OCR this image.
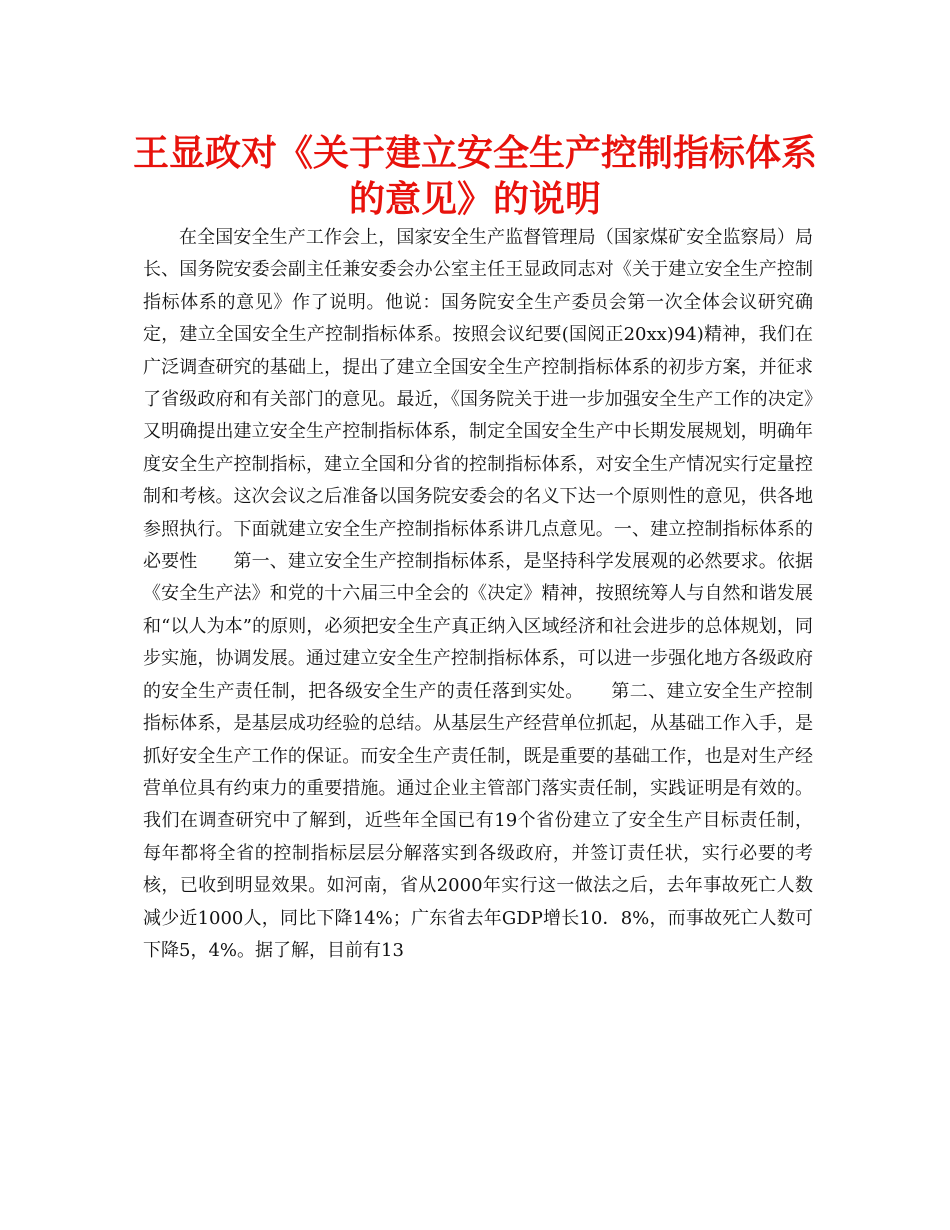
王显政对《关于建立安全生产控制指标体系
的意见》的说明

在全国安全生产工作会上，国家安全生产监督管理局（国家煤矿安全监察局）局长、国务院安委会副主任兼安委会办公室主任王显政同志对《关于建立安全生产控制指标体系的意见》作了说明。他说：国务院安全生产委员会第一次全体会议研究确定，建立全国安全生产控制指标体系。按照会议纪要(国阅正20xx)94)精神，我们在广泛调查研究的基础上，提出了建立全国安全生产控制指标体系的初步方案，并征求了省级政府和有关部门的意见。最近，《国务院关于进一步加强安全生产工作的决定》又明确提出建立安全生产控制指标体系，制定全国安全生产中长期发展规划，明确年度安全生产控制指标，建立全国和分省的控制指标体系，对安全生产情况实行定量控制和考核。这次会议之后准备以国务院安委会的名义下达一个原则性的意见，供各地参照执行。下面就建立安全生产控制指标体系讲几点意见。一、建立控制指标体系的必要性　　第一、建立安全生产控制指标体系，是坚持科学发展观的必然要求。依据《安全生产法》和党的十六届三中全会的《决定》精神，按照统筹人与自然和谐发展和“以人为本”的原则，必须把安全生产真正纳入区域经济和社会进步的总体规划，同步实施，协调发展。通过建立安全生产控制指标体系，可以进一步强化地方各级政府的安全生产责任制，把各级安全生产的责任落到实处。　　第二、建立安全生产控制指标体系，是基层成功经验的总结。从基层生产经营单位抓起，从基础工作入手，是抓好安全生产工作的保证。而安全生产责任制，既是重要的基础工作，也是对生产经营单位具有约束力的重要措施。通过企业主管部门落实责任制，实践证明是有效的。我们在调查研究中了解到，近些年全国已有19个省份建立了安全生产目标责任制，每年都将全省的控制指标层层分解落实到各级政府，并签订责任状，实行必要的考核，已收到明显效果。如河南，省从2000年实行这一做法之后，去年事故死亡人数减少近1000人，同比下降14%；广东省去年GDP增长10．8%，而事故死亡人数可下降5，4%。据了解，目前有13
